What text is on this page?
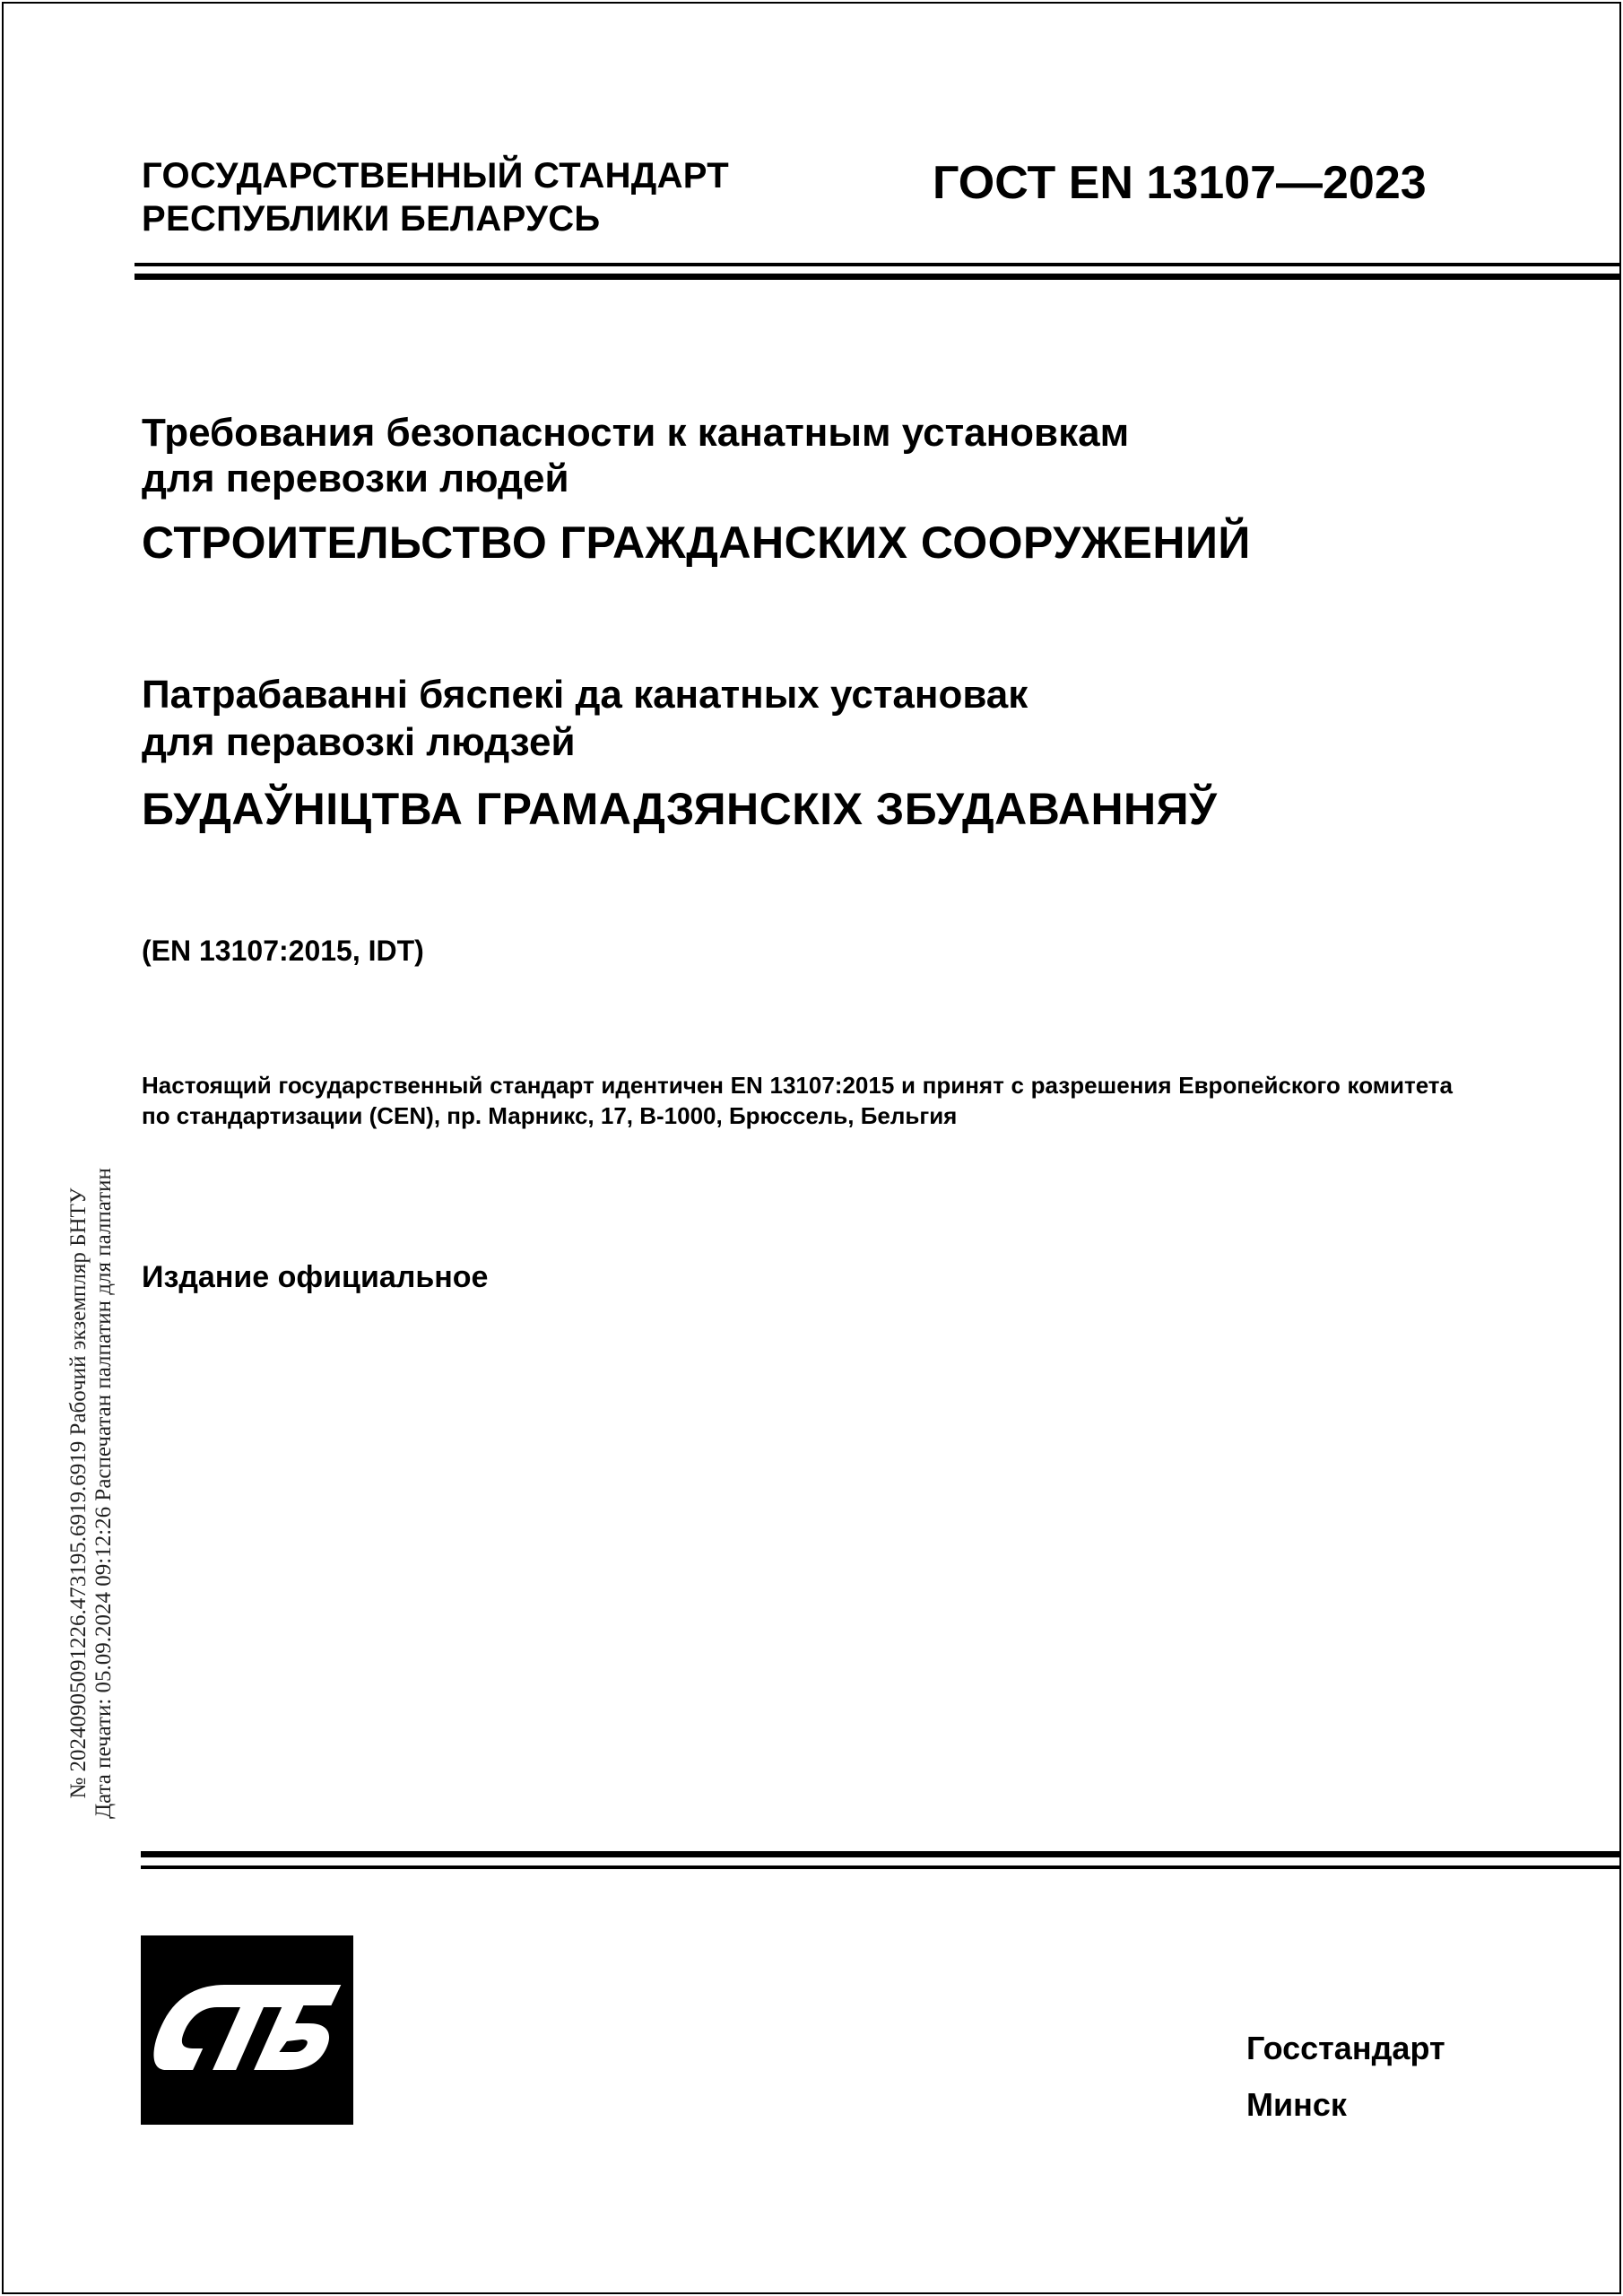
ГОСУДАРСТВЕННЫЙ СТАНДАРТ
РЕСПУБЛИКИ БЕЛАРУСЬ
ГОСТ EN 13107—2023
Требования безопасности к канатным установкам
для перевозки людей
СТРОИТЕЛЬСТВО ГРАЖДАНСКИХ СООРУЖЕНИЙ
Патрабаванні бяспекі да канатных установак
для перавозкі людзей
БУДАЎНІЦТВА ГРАМАДЗЯНСКІХ ЗБУДАВАННЯЎ
(EN 13107:2015, IDT)
Настоящий государственный стандарт идентичен EN 13107:2015 и принят с разрешения Европейского комитета по стандартизации (CEN), пр. Марникс, 17, B-1000, Брюссель, Бельгия
Издание официальное
Госстандарт
Минск
№ 20240905091226.473195.6919.6919 Рабочий экземпляр БНТУ Дата печати: 05.09.2024 09:12:26 Распечатан палпатин для палпатин
